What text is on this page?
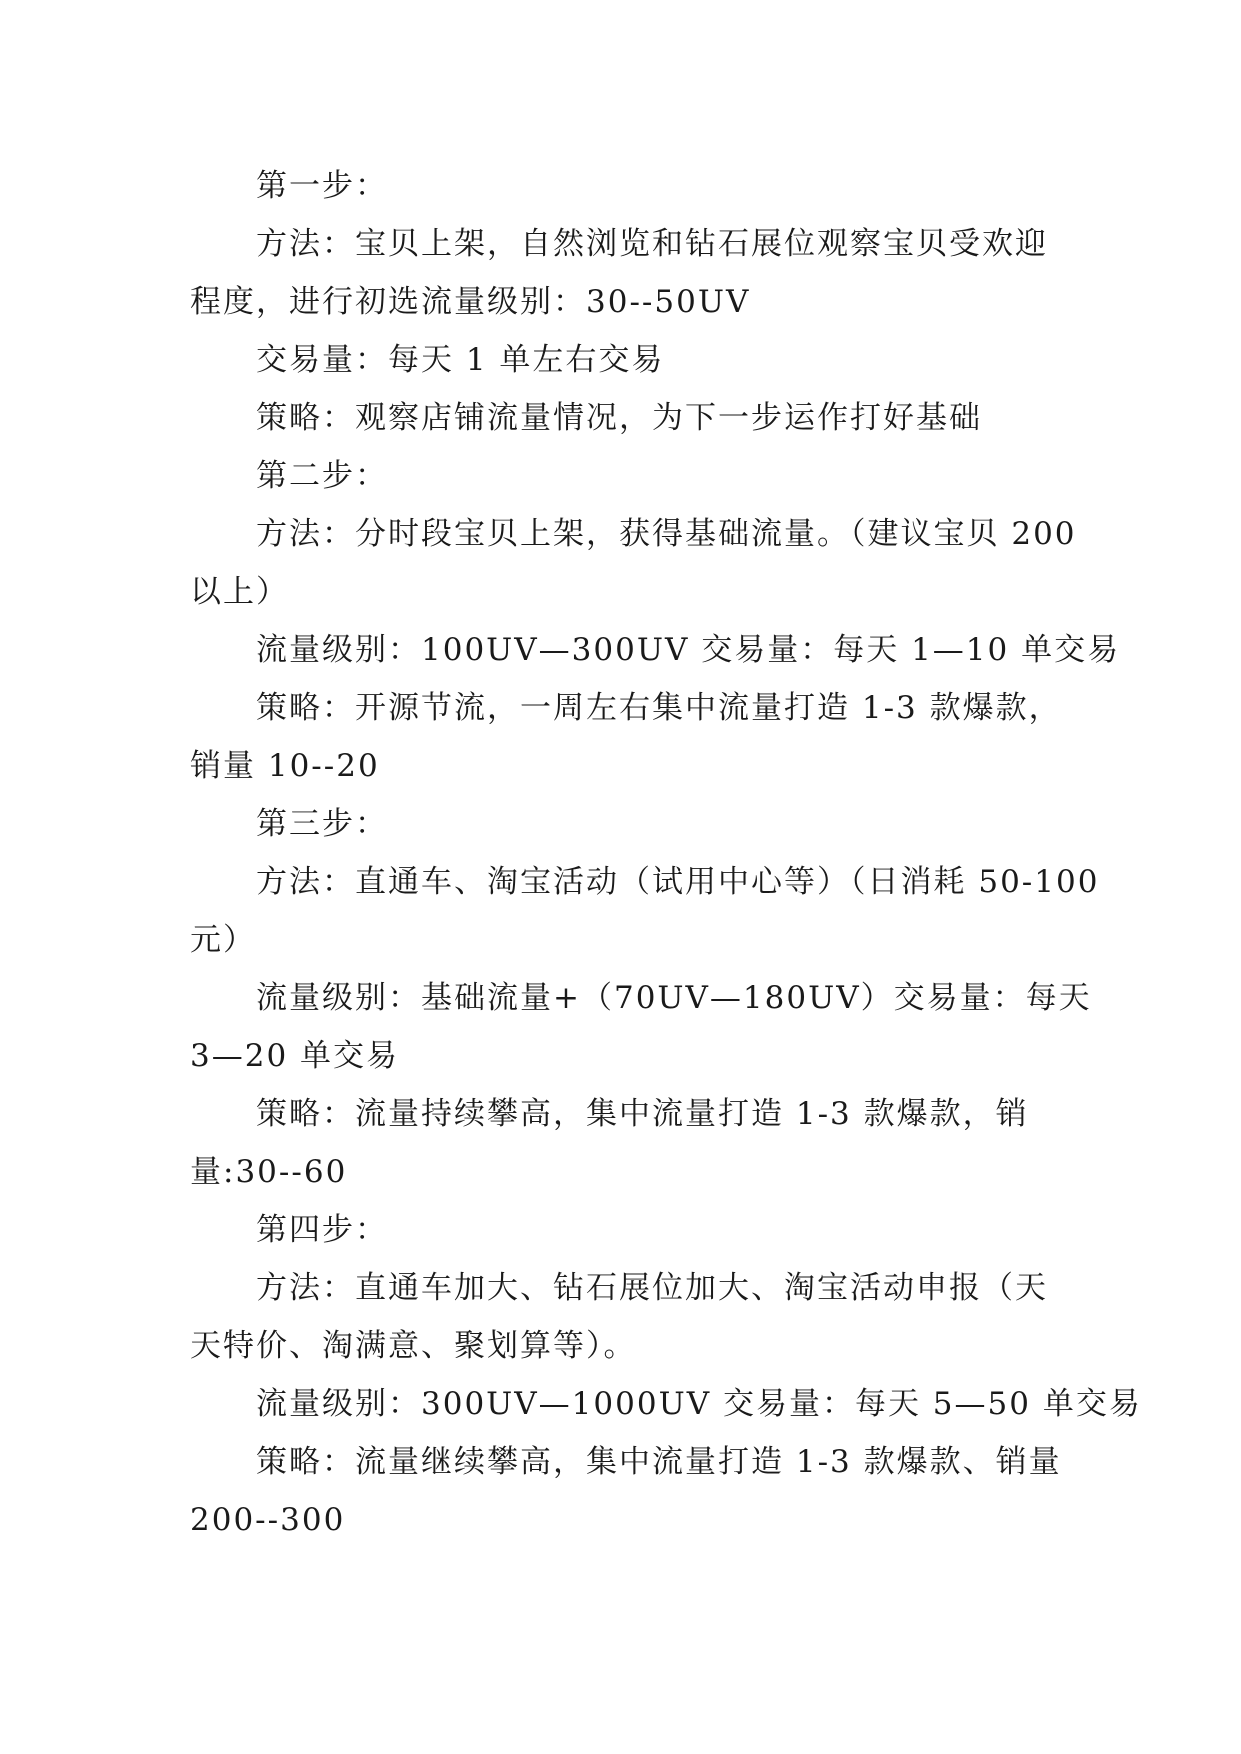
第一步：
方法：宝贝上架，自然浏览和钻石展位观察宝贝受欢迎
程度，进行初选流量级别：30--50UV
交易量：每天 1 单左右交易
策略：观察店铺流量情况，为下一步运作打好基础
第二步：
方法：分时段宝贝上架，获得基础流量。（建议宝贝 200
以上）
流量级别：100UV—300UV 交易量：每天 1—10 单交易
策略：开源节流，一周左右集中流量打造 1-3 款爆款，
销量 10--20
第三步：
方法：直通车、淘宝活动（试用中心等）（日消耗 50-100
元）
流量级别：基础流量+（70UV—180UV）交易量：每天
3—20 单交易
策略：流量持续攀高，集中流量打造 1-3 款爆款，销
量:30--60
第四步：
方法：直通车加大、钻石展位加大、淘宝活动申报（天
天特价、淘满意、聚划算等）。
流量级别：300UV—1000UV 交易量：每天 5—50 单交易
策略：流量继续攀高，集中流量打造 1-3 款爆款、销量
200--300
